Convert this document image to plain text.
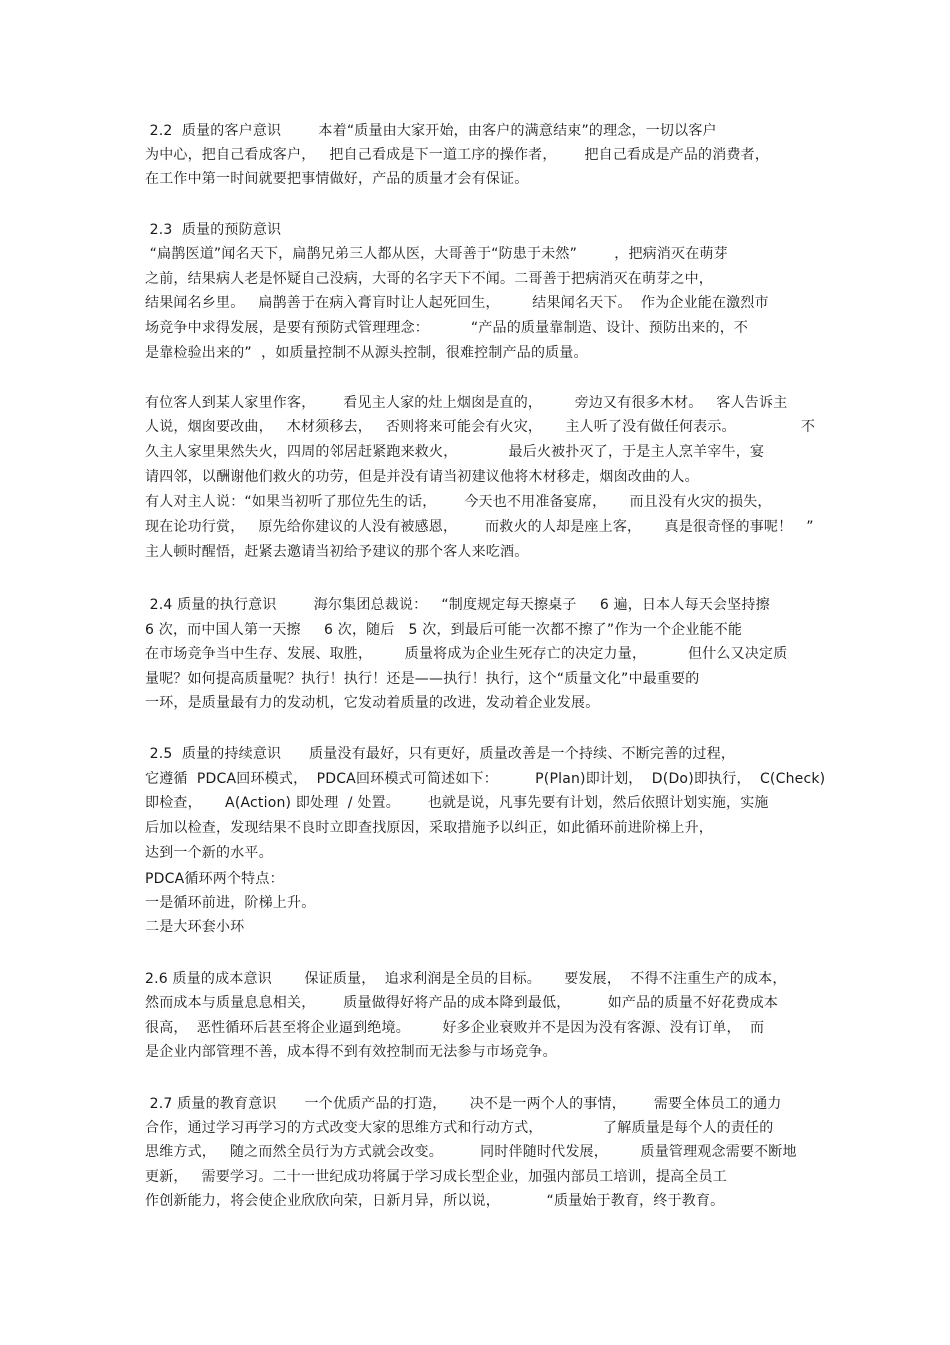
2.2  质量的客户意识        本着“质量由大家开始，由客户的满意结束”的理念，一切以客户

为中心，把自己看成客户，   把自己看成是下一道工序的操作者，      把自己看成是产品的消费者，

在工作中第一时间就要把事情做好，产品的质量才会有保证。

2.3  质量的预防意识

“扁鹊医道”闻名天下，扁鹊兄弟三人都从医，大哥善于“防患于未然”        ，把病消灭在萌芽

之前，结果病人老是怀疑自己没病，大哥的名字天下不闻。二哥善于把病消灭在萌芽之中，

结果闻名乡里。   扁鹊善于在病入膏肓时让人起死回生，       结果闻名天下。  作为企业能在激烈市

场竞争中求得发展，是要有预防式管理理念：         “产品的质量靠制造、设计、预防出来的，不

是靠检验出来的”  ，如质量控制不从源头控制，很难控制产品的质量。

有位客人到某人家里作客，      看见主人家的灶上烟囱是直的，       旁边又有很多木材。   客人告诉主

人说，烟囱要改曲，   木材须移去，   否则将来可能会有火灾，     主人听了没有做任何表示。              不

久主人家里果然失火，四周的邻居赶紧跑来救火，           最后火被扑灭了，于是主人烹羊宰牛，宴

请四邻，以酬谢他们救火的功劳，但是并没有请当初建议他将木材移走，烟囱改曲的人。

有人对主人说：“如果当初听了那位先生的话，      今天也不用准备宴席，     而且没有火灾的损失，

现在论功行赏，   原先给你建议的人没有被感恩，      而救火的人却是座上客，     真是很奇怪的事呢！   ”

主人顿时醒悟，赶紧去邀请当初给予建议的那个客人来吃酒。

2.4 质量的执行意识        海尔集团总裁说：   “制度规定每天擦桌子     6 遍，日本人每天会坚持擦

6 次，而中国人第一天擦     6 次，随后   5 次，到最后可能一次都不擦了”作为一个企业能不能

在市场竞争当中生存、发展、取胜，       质量将成为企业生死存亡的决定力量，         但什么又决定质

量呢？如何提高质量呢？执行！执行！还是——执行！执行，这个“质量文化”中最重要的

一环，是质量最有力的发动机，它发动着质量的改进，发动着企业发展。

2.5  质量的持续意识      质量没有最好，只有更好，质量改善是一个持续、不断完善的过程，

它遵循  PDCA回环模式，  PDCA回环模式可简述如下：        P(Plan)即计划，  D(Do)即执行，  C(Check)

即检查，     A(Action) 即处理  / 处置。      也就是说，凡事先要有计划，然后依照计划实施，实施

后加以检查，发现结果不良时立即查找原因，采取措施予以纠正，如此循环前进阶梯上升，

达到一个新的水平。

PDCA循环两个特点：

一是循环前进，阶梯上升。

二是大环套小环

2.6 质量的成本意识       保证质量，  追求利润是全员的目标。     要发展，  不得不注重生产的成本，

然而成本与质量息息相关，      质量做得好将产品的成本降到最低，        如产品的质量不好花费成本

很高，  恶性循环后甚至将企业逼到绝境。       好多企业衰败并不是因为没有客源、没有订单，  而

是企业内部管理不善，成本得不到有效控制而无法参与市场竞争。

2.7 质量的教育意识      一个优质产品的打造，     决不是一两个人的事情，      需要全体员工的通力

合作，通过学习再学习的方式改变大家的思维方式和行动方式，             了解质量是每个人的责任的

思维方式，   随之而然全员行为方式就会改变。        同时伴随时代发展，       质量管理观念需要不断地

更新，   需要学习。二十一世纪成功将属于学习成长型企业，加强内部员工培训，提高全员工

作创新能力，将会使企业欣欣向荣，日新月异，所以说，          “质量始于教育，终于教育。
